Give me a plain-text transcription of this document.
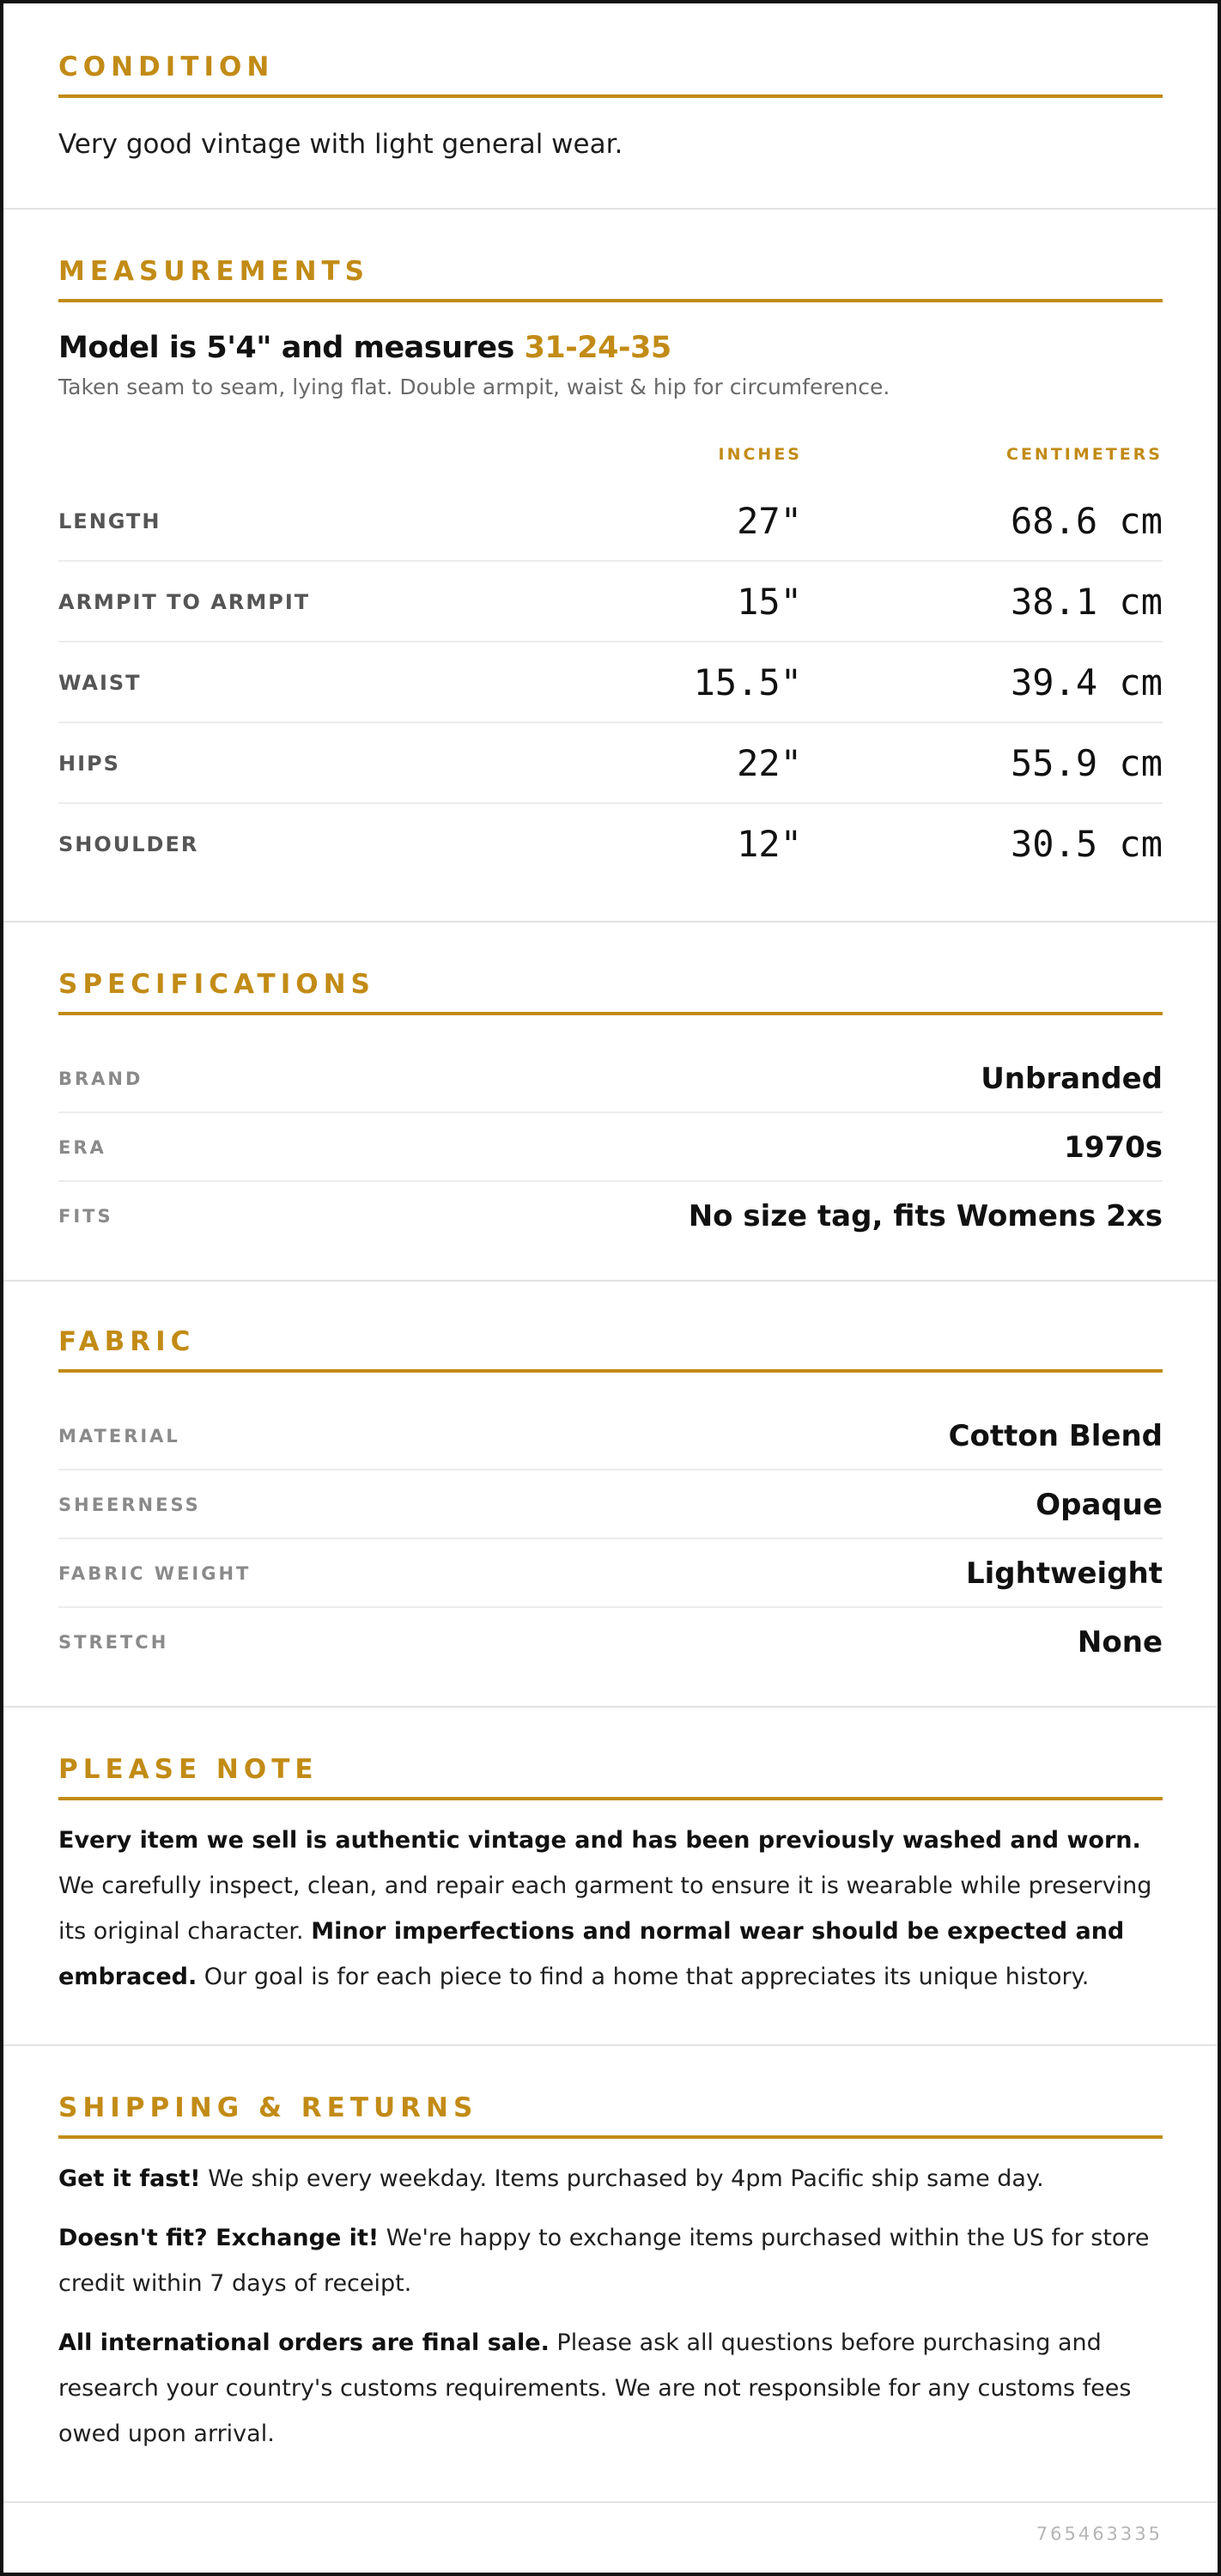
CONDITION
Very good vintage with light general wear.
MEASUREMENTS
Model is 5'4" and measures 31-24-35
Taken seam to seam, lying flat. Double armpit, waist & hip for circumference.
INCHES	CENTIMETERS
LENGTH	27"	68.6 cm
ARMPIT TO ARMPIT	15"	38.1 cm
WAIST	15.5"	39.4 cm
HIPS	22"	55.9 cm
SHOULDER	12"	30.5 cm
SPECIFICATIONS
BRAND	Unbranded
ERA	1970s
FITS	No size tag, fits Womens 2xs
FABRIC
MATERIAL	Cotton Blend
SHEERNESS	Opaque
FABRIC WEIGHT	Lightweight
STRETCH	None
PLEASE NOTE

Every item we sell is authentic vintage and has been previously washed and worn. We carefully inspect, clean, and repair each garment to ensure it is wearable while preserving its original character. Minor imperfections and normal wear should be expected and embraced. Our goal is for each piece to find a home that appreciates its unique history.

SHIPPING & RETURNS

Get it fast! We ship every weekday. Items purchased by 4pm Pacific ship same day.

Doesn't fit? Exchange it! We're happy to exchange items purchased within the US for store credit within 7 days of receipt.

All international orders are final sale. Please ask all questions before purchasing and research your country's customs requirements. We are not responsible for any customs fees owed upon arrival.

765463335
